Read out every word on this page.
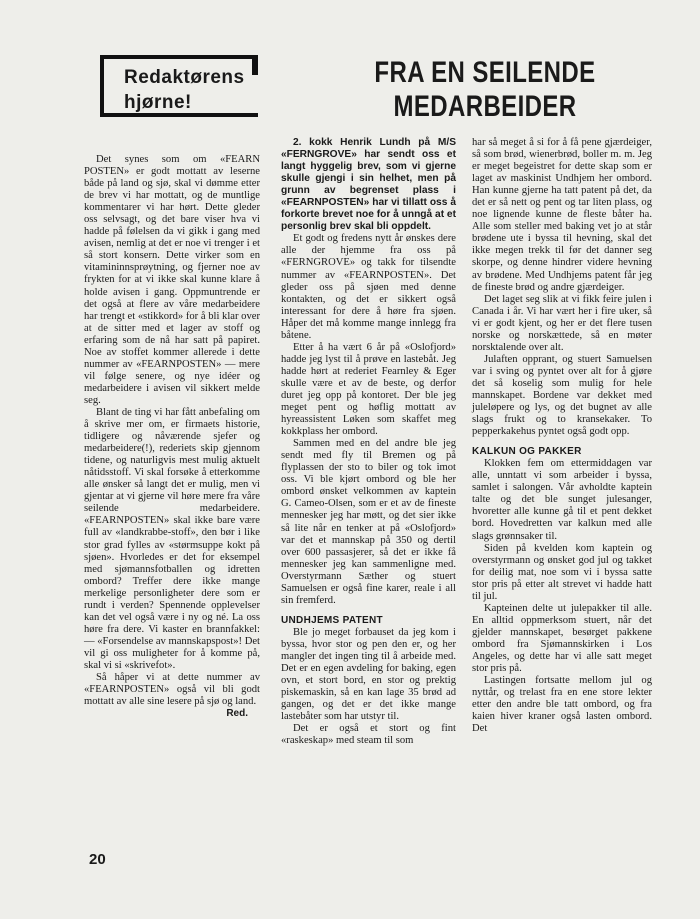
Redaktørens
hjørne!
FRA EN SEILENDE
MEDARBEIDER

Det synes som om «FEARN POSTEN» er godt mottatt av leserne både på land og sjø, skal vi dømme etter de brev vi har mottatt, og de muntlige kommentarer vi har hørt. Dette gleder oss selvsagt, og det bare viser hva vi hadde på følelsen da vi gikk i gang med avisen, nemlig at det er noe vi trenger i et så stort konsern. Dette virker som en vitamininnsprøytning, og fjerner noe av frykten for at vi ikke skal kunne klare å holde avisen i gang. Oppmuntrende er det også at flere av våre medarbeidere har trengt et «stikkord» for å bli klar over at de sitter med et lager av stoff og erfaring som de nå har satt på papiret. Noe av stoffet kommer allerede i dette nummer av «FEARNPOSTEN» — mere vil følge senere, og nye idéer og medarbeidere i avisen vil sikkert melde seg.

Blant de ting vi har fått anbefaling om å skrive mer om, er firmaets historie, tidligere og nåværende sjefer og medarbeidere(!), rederiets skip gjennom tidene, og naturligvis mest mulig aktuelt nåtidsstoff. Vi skal forsøke å etterkomme alle ønsker så langt det er mulig, men vi gjentar at vi gjerne vil høre mere fra våre seilende medarbeidere. «FEARNPOSTEN» skal ikke bare være full av «landkrabbe-stoff», den bør i like stor grad fylles av «størmsuppe kokt på sjøen». Hvorledes er det for eksempel med sjømannsfotballen og idretten ombord? Treffer dere ikke mange merkelige personligheter dere som er rundt i verden? Spennende opplevelser kan det vel også være i ny og né. La oss høre fra dere. Vi kaster en brannfakkel: — «Forsendelse av mannskapspost»! Det vil gi oss muligheter for å komme på, skal vi si «skrivefot».

Så håper vi at dette nummer av «FEARNPOSTEN» også vil bli godt mottatt av alle sine lesere på sjø og land.

Red.

2. kokk Henrik Lundh på M/S «FERNGROVE» har sendt oss et langt hyggelig brev, som vi gjerne skulle gjengi i sin helhet, men på grunn av begrenset plass i «FEARNPOSTEN» har vi tillatt oss å forkorte brevet noe for å unngå at et personlig brev skal bli oppdelt.

Et godt og fredens nytt år ønskes dere alle der hjemme fra oss på «FERNGROVE» og takk for tilsendte nummer av «FEARNPOSTEN». Det gleder oss på sjøen med denne kontakten, og det er sikkert også interessant for dere å høre fra sjøen. Håper det må komme mange innlegg fra båtene.

Etter å ha vært 6 år på «Oslofjord» hadde jeg lyst til å prøve en lastebåt. Jeg hadde hørt at rederiet Fearnley & Eger skulle være et av de beste, og derfor duret jeg opp på kontoret. Der ble jeg meget pent og høflig mottatt av hyreassistent Løken som skaffet meg kokkplass her ombord.

Sammen med en del andre ble jeg sendt med fly til Bremen og på flyplassen der sto to biler og tok imot oss. Vi ble kjørt ombord og ble her ombord ønsket velkommen av kaptein G. Cameo-Olsen, som er et av de fineste mennesker jeg har møtt, og det sier ikke så lite når en tenker at på «Oslofjord» var det et mannskap på 350 og dertil over 600 passasjerer, så det er ikke få mennesker jeg kan sammenligne med. Overstyrmann Sæther og stuert Samuelsen er også fine karer, reale i all sin fremferd.

UNDHJEMS PATENT

Ble jo meget forbauset da jeg kom i byssa, hvor stor og pen den er, og her mangler det ingen ting til å arbeide med. Det er en egen avdeling for baking, egen ovn, et stort bord, en stor og prektig piskemaskin, så en kan lage 35 brød ad gangen, og det er det ikke mange lastebåter som har utstyr til.

Det er også et stort og fint «raskeskap» med steam til som

har så meget å si for å få pene gjærdeiger, så som brød, wienerbrød, boller m. m. Jeg er meget begeistret for dette skap som er laget av maskinist Undhjem her ombord. Han kunne gjerne ha tatt patent på det, da det er så nett og pent og tar liten plass, og noe lignende kunne de fleste båter ha. Alle som steller med baking vet jo at står brødene ute i byssa til hevning, skal det ikke megen trekk til før det danner seg skorpe, og denne hindrer videre hevning av brødene. Med Undhjems patent får jeg de fineste brød og andre gjærdeiger.

Det laget seg slik at vi fikk feire julen i Canada i år. Vi har vært her i fire uker, så vi er godt kjent, og her er det flere tusen norske og norskættede, så en møter norsktalende over alt.

Julaften opprant, og stuert Samuelsen var i sving og pyntet over alt for å gjøre det så koselig som mulig for hele mannskapet. Bordene var dekket med juleløpere og lys, og det bugnet av alle slags frukt og to kransekaker. To pepperkakehus pyntet også godt opp.

KALKUN OG PAKKER

Klokken fem om ettermiddagen var alle, unntatt vi som arbeider i byssa, samlet i salongen. Vår avholdte kaptein talte og det ble sunget julesanger, hvoretter alle kunne gå til et pent dekket bord. Hovedretten var kalkun med alle slags grønnsaker til.

Siden på kvelden kom kaptein og overstyrmann og ønsket god jul og takket for deilig mat, noe som vi i byssa satte stor pris på etter alt strevet vi hadde hatt til jul.

Kapteinen delte ut julepakker til alle. En alltid oppmerksom stuert, når det gjelder mannskapet, besørget pakkene ombord fra Sjømannskirken i Los Angeles, og dette har vi alle satt meget stor pris på.

Lastingen fortsatte mellom jul og nyttår, og trelast fra en ene store lekter etter den andre ble tatt ombord, og fra kaien hiver kraner også lasten ombord. Det

20
